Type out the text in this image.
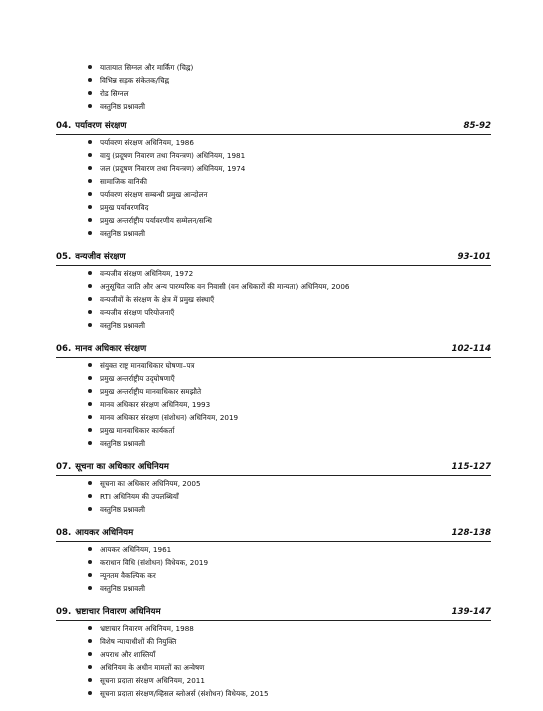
यातायात सिग्नल और मार्किंग (चिह्न)
विभिन्न सड़क संकेतक/चिह्न
रोड सिग्नल
वस्तुनिष्ठ प्रश्नावली
04. पर्यावरण संरक्षण	85-92
पर्यावरण संरक्षण अधिनियम, 1986
वायु (प्रदूषण निवारण तथा नियन्त्रण) अधिनियम, 1981
जल (प्रदूषण निवारण तथा नियन्त्रण) अधिनियम, 1974
सामाजिक वानिकी
पर्यावरण संरक्षण सम्बन्धी प्रमुख आन्दोलन
प्रमुख पर्यावरणविद
प्रमुख अन्तर्राष्ट्रीय पर्यावरणीय सम्मेलन/सन्धि
वस्तुनिष्ठ प्रश्नावली
05. वन्यजीव संरक्षण	93-101
वन्यजीव संरक्षण अधिनियम, 1972
अनुसूचित जाति और अन्य पारम्परिक वन निवासी (वन अधिकारों की मान्यता) अधिनियम, 2006
वन्यजीवों के संरक्षण के क्षेत्र में प्रमुख संस्थाएँ
वन्यजीव संरक्षण परियोजनाएँ
वस्तुनिष्ठ प्रश्नावली
06. मानव अधिकार संरक्षण	102-114
संयुक्त राष्ट्र मानवाधिकार घोषणा–पत्र
प्रमुख अन्तर्राष्ट्रीय उद्‌घोषणाएँ
प्रमुख अन्तर्राष्ट्रीय मानवाधिकार समझौते
मानव अधिकार संरक्षण अधिनियम, 1993
मानव अधिकार संरक्षण (संशोधन) अधिनियम, 2019
प्रमुख मानवाधिकार कार्यकर्ता
वस्तुनिष्ठ प्रश्नावली
07. सूचना का अधिकार अधिनियम	115-127
सूचना का अधिकार अधिनियम, 2005
RTI अधिनियम की उपलब्धियाँ
वस्तुनिष्ठ प्रश्नावली
08. आयकर अधिनियम	128-138
आयकर अधिनियम, 1961
कराधान विधि (संशोधन) विधेयक, 2019
न्यूनतम वैकल्पिक कर
वस्तुनिष्ठ प्रश्नावली
09. भ्रष्टाचार निवारण अधिनियम	139-147
भ्रष्टाचार निवारण अधिनियम, 1988
विशेष न्यायाधीशों की नियुक्ति
अपराध और शास्तियाँ
अधिनियम के अधीन मामलों का अन्वेषण
सूचना प्रदाता संरक्षण अधिनियम, 2011
सूचना प्रदाता संरक्षण/व्हिसल ब्लोअर्स (संशोधन) विधेयक, 2015
